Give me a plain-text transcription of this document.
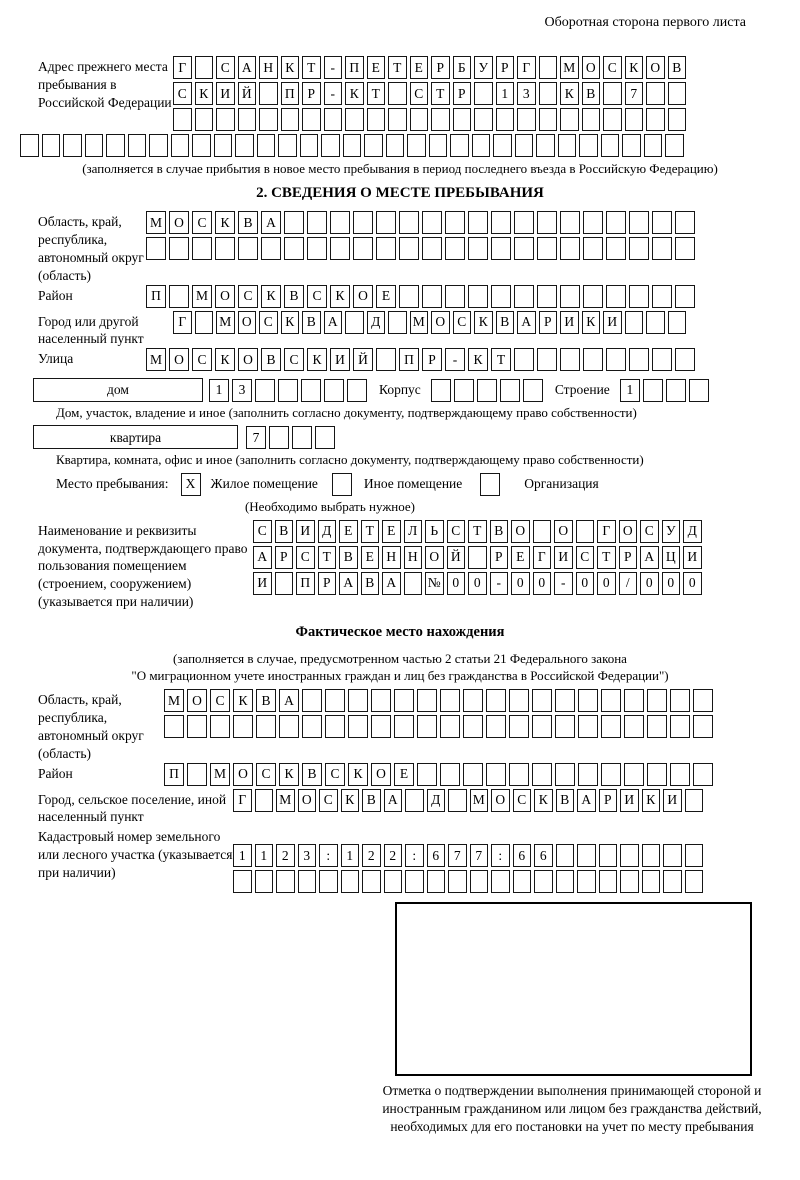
Оборотная сторона первого листа
Адрес прежнего места пребывания в Российской Федерации
Г	С А Н К Т	-	П Е Т Е	Р	Б У Р	Г	М О С К О В
С К И Й	П Р	-	К Т	С Т	Р	1	3	К В	7
(заполняется в случае прибытия в новое место пребывания в период последнего въезда в Российскую Федерацию)
2. СВЕДЕНИЯ О МЕСТЕ ПРЕБЫВАНИЯ
Область, край, республика, автономный округ (область)
М О	С	К	В	А
Район	П	М О	С	К	В	С	К	О	Е
Город или другой населенный пункт
Г	М О С К В А	Д	М О С К В А Р И К И
Улица	М О	С	К	О	В	С	К	И Й	П	Р	-	К	Т
дом	1	3	Корпус	Строение	1
Дом, участок, владение и иное (заполнить согласно документу, подтверждающему право собственности)
квартира	7
Квартира, комната, офис и иное (заполнить согласно документу, подтверждающему право собственности)
Место пребывания:	X	Жилое помещение	Иное помещение	Организация
(Необходимо выбрать нужное)
Наименование и реквизиты документа, подтверждающего право пользования помещением (строением, сооружением) (указывается при наличии)
С В И Д Е Т Е Л Ь С Т В О	О	Г О С У Д
А Р С Т В Е Н Н О Й	Р	Е Г И С Т	Р А Ц И
И	П Р А В А	№ 0	0	-	0	0	-	0	0	/	0	0	0
Фактическое место нахождения
(заполняется в случае, предусмотренном частью 2 статьи 21 Федерального закона
"О миграционном учете иностранных граждан и лиц без гражданства в Российской Федерации")
Область, край, республика, автономный округ (область)
М О	С	К	В	А
Район	П	М О	С	К	В	С	К	О	Е
Город, сельское поселение, иной населенный пункт
Г	М О С К В А	Д	М О С К В А Р И К И
Кадастровый номер земельного или лесного участка (указывается при наличии)
1	1	2	3	:	1	2	2	:	6	7	7	:	6	6
Отметка о подтверждении выполнения принимающей стороной и иностранным гражданином или лицом без гражданства действий, необходимых для его постановки на учет по месту пребывания
